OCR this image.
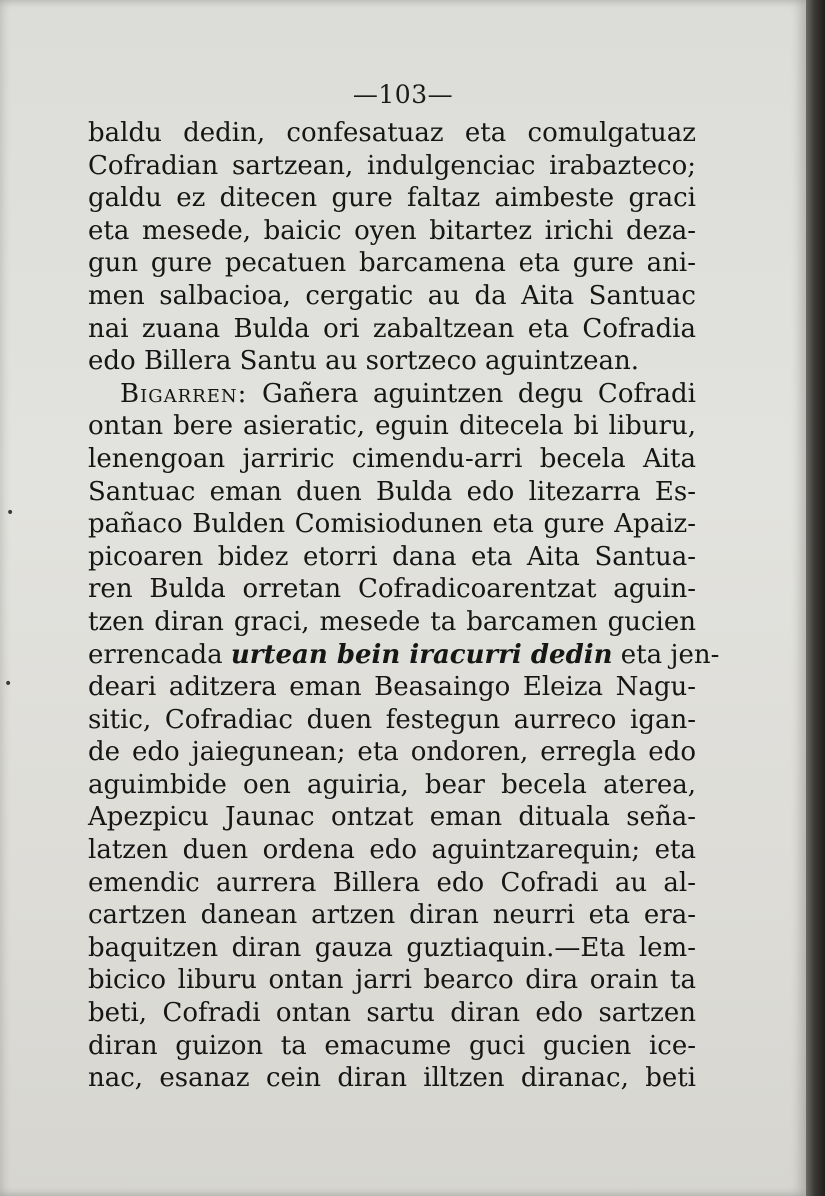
—103—
baldu dedin, confesatuaz eta comulgatuaz
Cofradian sartzean, indulgenciac irabazteco;
galdu ez ditecen gure faltaz aimbeste graci
eta mesede, baicic oyen bitartez irichi deza-
gun gure pecatuen barcamena eta gure ani-
men salbacioa, cergatic au da Aita Santuac
nai zuana Bulda ori zabaltzean eta Cofradia
edo Billera Santu au sortzeco aguintzean.
Bigarren: Gañera aguintzen degu Cofradi
ontan bere asieratic, eguin ditecela bi liburu,
lenengoan jarriric cimendu-arri becela Aita
Santuac eman duen Bulda edo litezarra Es-
pañaco Bulden Comisiodunen eta gure Apaiz-
picoaren bidez etorri dana eta Aita Santua-
ren Bulda orretan Cofradicoarentzat aguin-
tzen diran graci, mesede ta barcamen gucien
errencada urtean bein iracurri dedin eta jen-
deari aditzera eman Beasaingo Eleiza Nagu-
sitic, Cofradiac duen festegun aurreco igan-
de edo jaiegunean; eta ondoren, erregla edo
aguimbide oen aguiria, bear becela aterea,
Apezpicu Jaunac ontzat eman dituala seña-
latzen duen ordena edo aguintzarequin; eta
emendic aurrera Billera edo Cofradi au al-
cartzen danean artzen diran neurri eta era-
baquitzen diran gauza guztiaquin.—Eta lem-
bicico liburu ontan jarri bearco dira orain ta
beti, Cofradi ontan sartu diran edo sartzen
diran guizon ta emacume guci gucien ice-
nac, esanaz cein diran illtzen diranac, beti
•
•
